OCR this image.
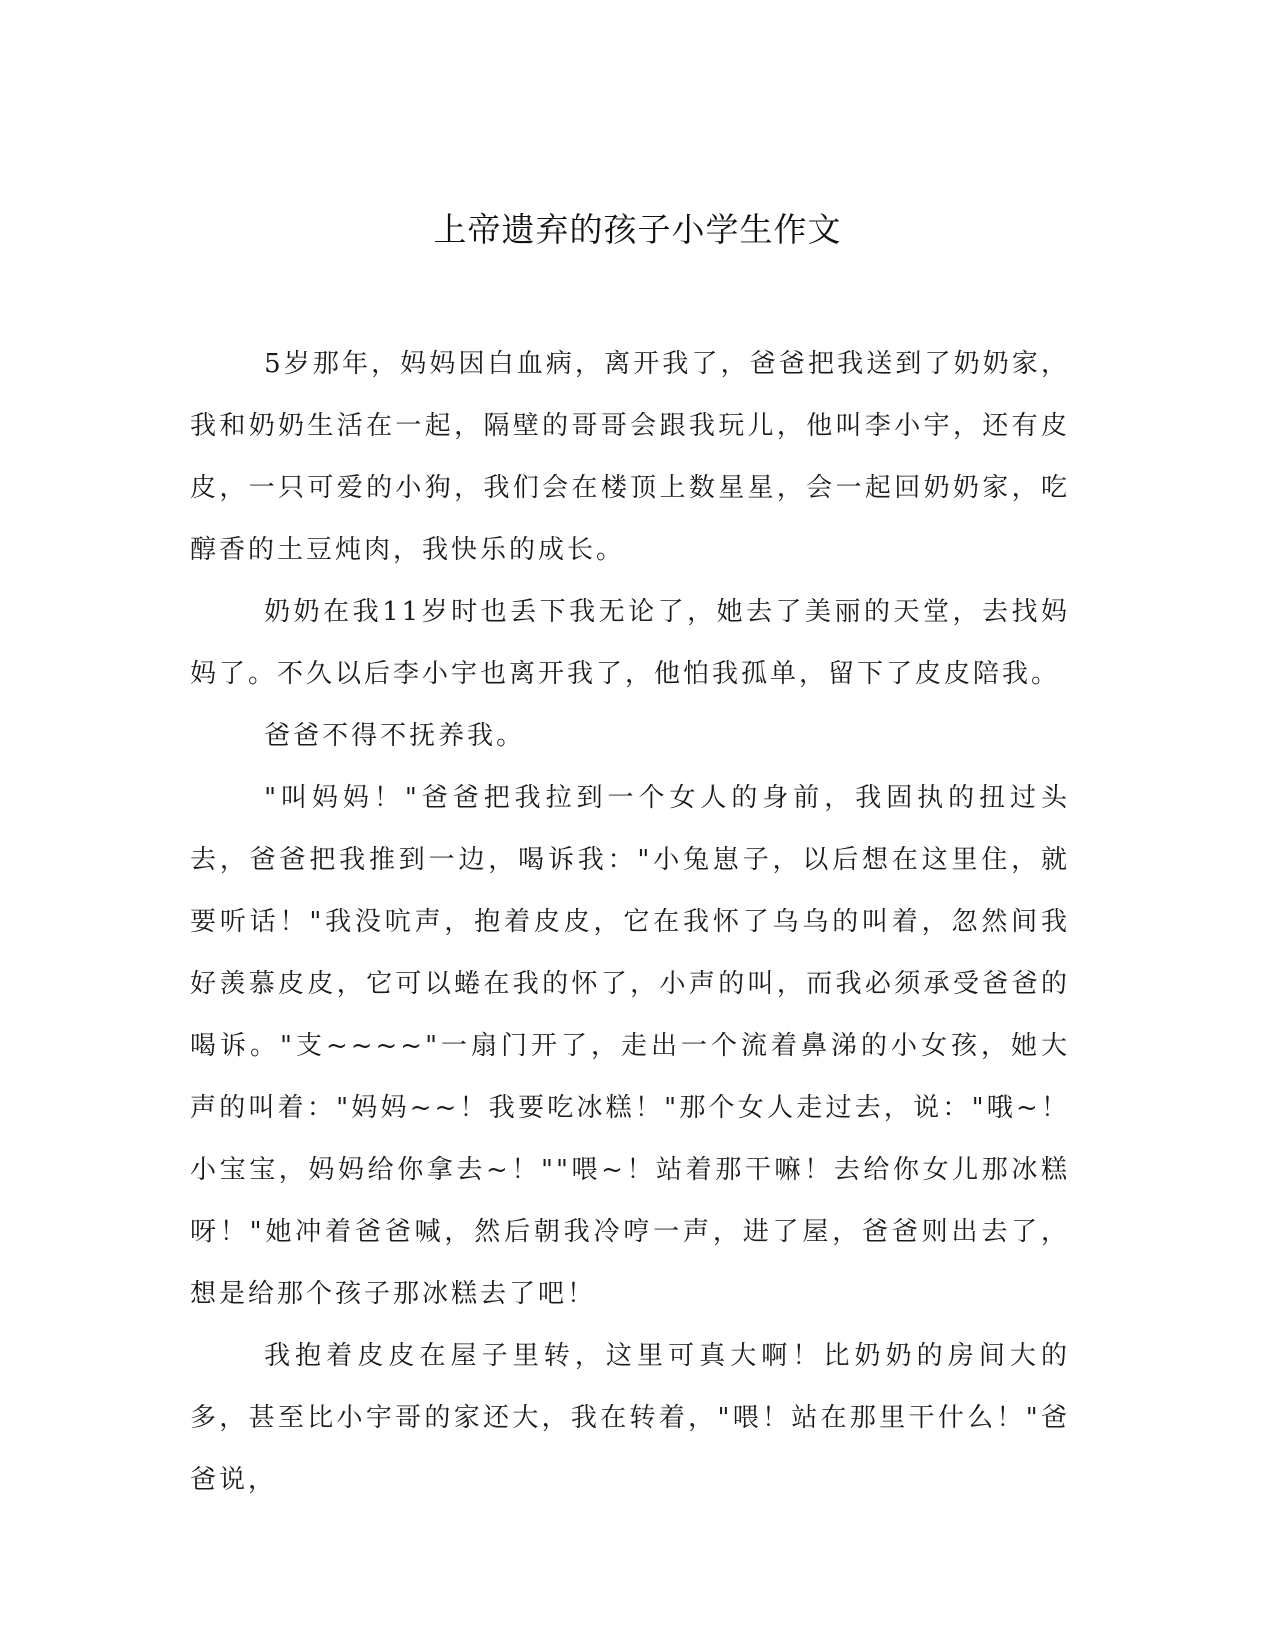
上帝遗弃的孩子小学生作文

5岁那年，妈妈因白血病，离开我了，爸爸把我送到了奶奶家，我和奶奶生活在一起，隔壁的哥哥会跟我玩儿，他叫李小宇，还有皮皮，一只可爱的小狗，我们会在楼顶上数星星，会一起回奶奶家，吃醇香的土豆炖肉，我快乐的成长。

奶奶在我11岁时也丢下我无论了，她去了美丽的天堂，去找妈妈了。不久以后李小宇也离开我了，他怕我孤单，留下了皮皮陪我。

爸爸不得不抚养我。

"叫妈妈！"爸爸把我拉到一个女人的身前，我固执的扭过头去，爸爸把我推到一边，喝诉我："小兔崽子，以后想在这里住，就要听话！"我没吭声，抱着皮皮，它在我怀了乌乌的叫着，忽然间我好羡慕皮皮，它可以蜷在我的怀了，小声的叫，而我必须承受爸爸的喝诉。"支~~~~"一扇门开了，走出一个流着鼻涕的小女孩，她大声的叫着："妈妈~~！我要吃冰糕！"那个女人走过去，说："哦~！小宝宝，妈妈给你拿去~！""喂~！站着那干嘛！去给你女儿那冰糕呀！"她冲着爸爸喊，然后朝我冷哼一声，进了屋，爸爸则出去了，想是给那个孩子那冰糕去了吧！

我抱着皮皮在屋子里转，这里可真大啊！比奶奶的房间大的多，甚至比小宇哥的家还大，我在转着，"喂！站在那里干什么！"爸爸说，
